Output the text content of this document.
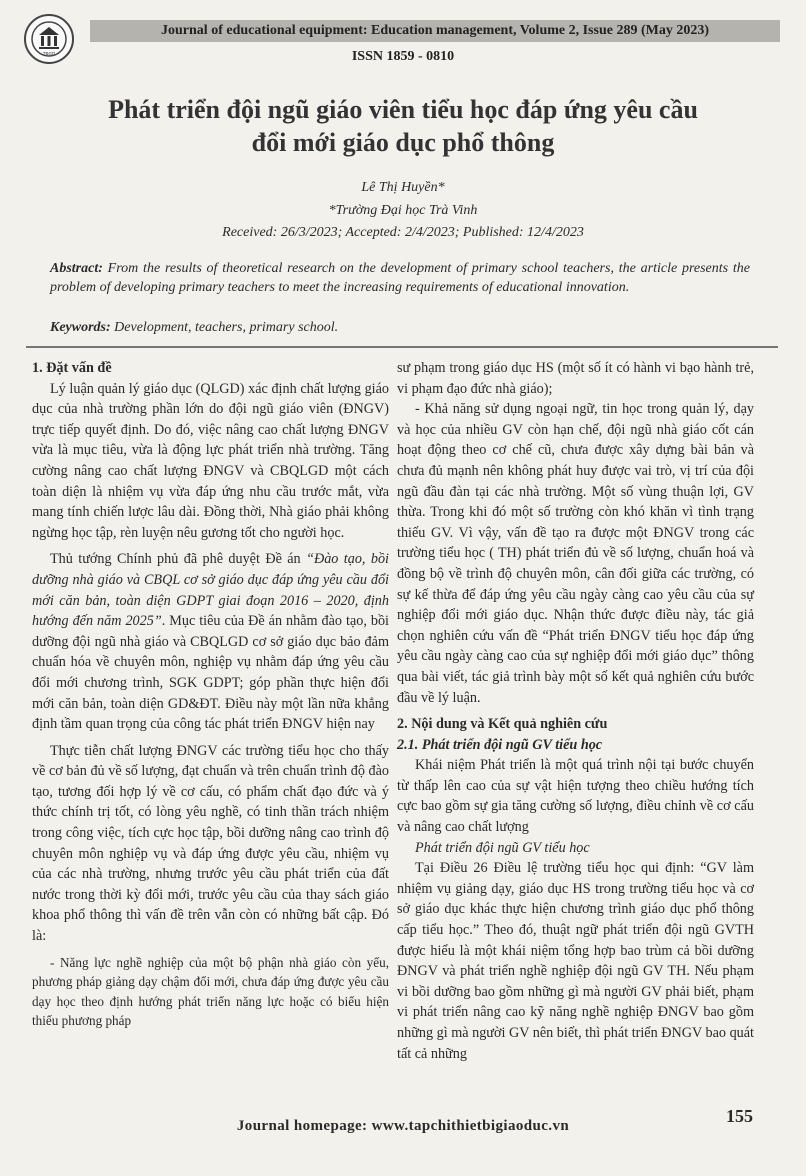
TBGD
Journal of educational equipment: Education management, Volume 2, Issue 289 (May 2023)
ISSN 1859 - 0810
Phát triển đội ngũ giáo viên tiểu học đáp ứng yêu cầu
đổi mới giáo dục phổ thông
Lê Thị Huyền*
*Trường Đại học Trà Vinh
Received: 26/3/2023; Accepted: 2/4/2023; Published: 12/4/2023
Abstract: From the results of theoretical research on the development of primary school teachers, the article presents the problem of developing primary teachers to meet the increasing requirements of educational innovation.
Keywords: Development, teachers, primary school.

1. Đặt vấn đề

Lý luận quản lý giáo dục (QLGD) xác định chất lượng giáo dục của nhà trường phần lớn do đội ngũ giáo viên (ĐNGV) trực tiếp quyết định. Do đó, việc nâng cao chất lượng ĐNGV vừa là mục tiêu, vừa là động lực phát triển nhà trường. Tăng cường nâng cao chất lượng ĐNGV và CBQLGD một cách toàn diện là nhiệm vụ vừa đáp ứng nhu cầu trước mắt, vừa mang tính chiến lược lâu dài. Đồng thời, Nhà giáo phải không ngừng học tập, rèn luyện nêu gương tốt cho người học.

Thủ tướng Chính phủ đã phê duyệt Đề án “Đào tạo, bồi dưỡng nhà giáo và CBQL cơ sở giáo dục đáp ứng yêu cầu đổi mới căn bản, toàn diện GDPT giai đoạn 2016 – 2020, định hướng đến năm 2025”. Mục tiêu của Đề án nhằm đào tạo, bồi dưỡng đội ngũ nhà giáo và CBQLGD cơ sở giáo dục bảo đảm chuẩn hóa về chuyên môn, nghiệp vụ nhằm đáp ứng yêu cầu đổi mới chương trình, SGK GDPT; góp phần thực hiện đổi mới căn bản, toàn diện GD&ĐT. Điều này một lần nữa khẳng định tầm quan trọng của công tác phát triển ĐNGV hiện nay

Thực tiễn chất lượng ĐNGV các trường tiểu học cho thấy về cơ bản đủ về số lượng, đạt chuẩn và trên chuẩn trình độ đào tạo, tương đối hợp lý về cơ cấu, có phẩm chất đạo đức và ý thức chính trị tốt, có lòng yêu nghề, có tinh thần trách nhiệm trong công việc, tích cực học tập, bồi dưỡng nâng cao trình độ chuyên môn nghiệp vụ và đáp ứng được yêu cầu, nhiệm vụ của các nhà trường, nhưng trước yêu cầu phát triển của đất nước trong thời kỳ đổi mới, trước yêu cầu của thay sách giáo khoa phổ thông thì vấn đề trên vẫn còn có những bất cập. Đó là:

- Năng lực nghề nghiệp của một bộ phận nhà giáo còn yếu, phương pháp giảng dạy chậm đổi mới, chưa đáp ứng được yêu cầu dạy học theo định hướng phát triển năng lực hoặc có biểu hiện thiếu phương pháp

sư phạm trong giáo dục HS (một số ít có hành vi bạo hành trẻ, vi phạm đạo đức nhà giáo);

- Khả năng sử dụng ngoại ngữ, tin học trong quản lý, dạy và học của nhiều GV còn hạn chế, đội ngũ nhà giáo cốt cán hoạt động theo cơ chế cũ, chưa được xây dựng bài bản và chưa đủ mạnh nên không phát huy được vai trò, vị trí của đội ngũ đầu đàn tại các nhà trường. Một số vùng thuận lợi, GV thừa. Trong khi đó một số trường còn khó khăn vì tình trạng thiếu GV. Vì vậy, vấn đề tạo ra được một ĐNGV trong các trường tiểu học ( TH) phát triển đủ về số lượng, chuẩn hoá và đồng bộ về trình độ chuyên môn, cân đối giữa các trường, có sự kế thừa để đáp ứng yêu cầu ngày càng cao yêu cầu của sự nghiệp đổi mới giáo dục. Nhận thức được điều này, tác giả chọn nghiên cứu vấn đề “Phát triển ĐNGV tiểu học đáp ứng yêu cầu ngày càng cao của sự nghiệp đổi mới giáo dục” thông qua bài viết, tác giả trình bày một số kết quả nghiên cứu bước đầu về lý luận.

2. Nội dung và Kết quả nghiên cứu

2.1. Phát triển đội ngũ GV tiểu học

Khái niệm Phát triển là một quá trình nội tại bước chuyển từ thấp lên cao của sự vật hiện tượng theo chiều hướng tích cực bao gồm sự gia tăng cường số lượng, điều chỉnh về cơ cấu và nâng cao chất lượng

Phát triển đội ngũ GV tiểu học

Tại Điều 26 Điều lệ trường tiểu học qui định: “GV làm nhiệm vụ giảng dạy, giáo dục HS trong trường tiểu học và cơ sở giáo dục khác thực hiện chương trình giáo dục phổ thông cấp tiểu học.” Theo đó, thuật ngữ phát triển đội ngũ GVTH được hiểu là một khái niệm tổng hợp bao trùm cả bồi dưỡng ĐNGV và phát triển nghề nghiệp đội ngũ GV TH. Nếu phạm vi bồi dưỡng bao gồm những gì mà người GV phải biết, phạm vi phát triển nâng cao kỹ năng nghề nghiệp ĐNGV bao gồm những gì mà người GV nên biết, thì phát triển ĐNGV bao quát tất cả những

Journal homepage: www.tapchithietbigiaoduc.vn	155
